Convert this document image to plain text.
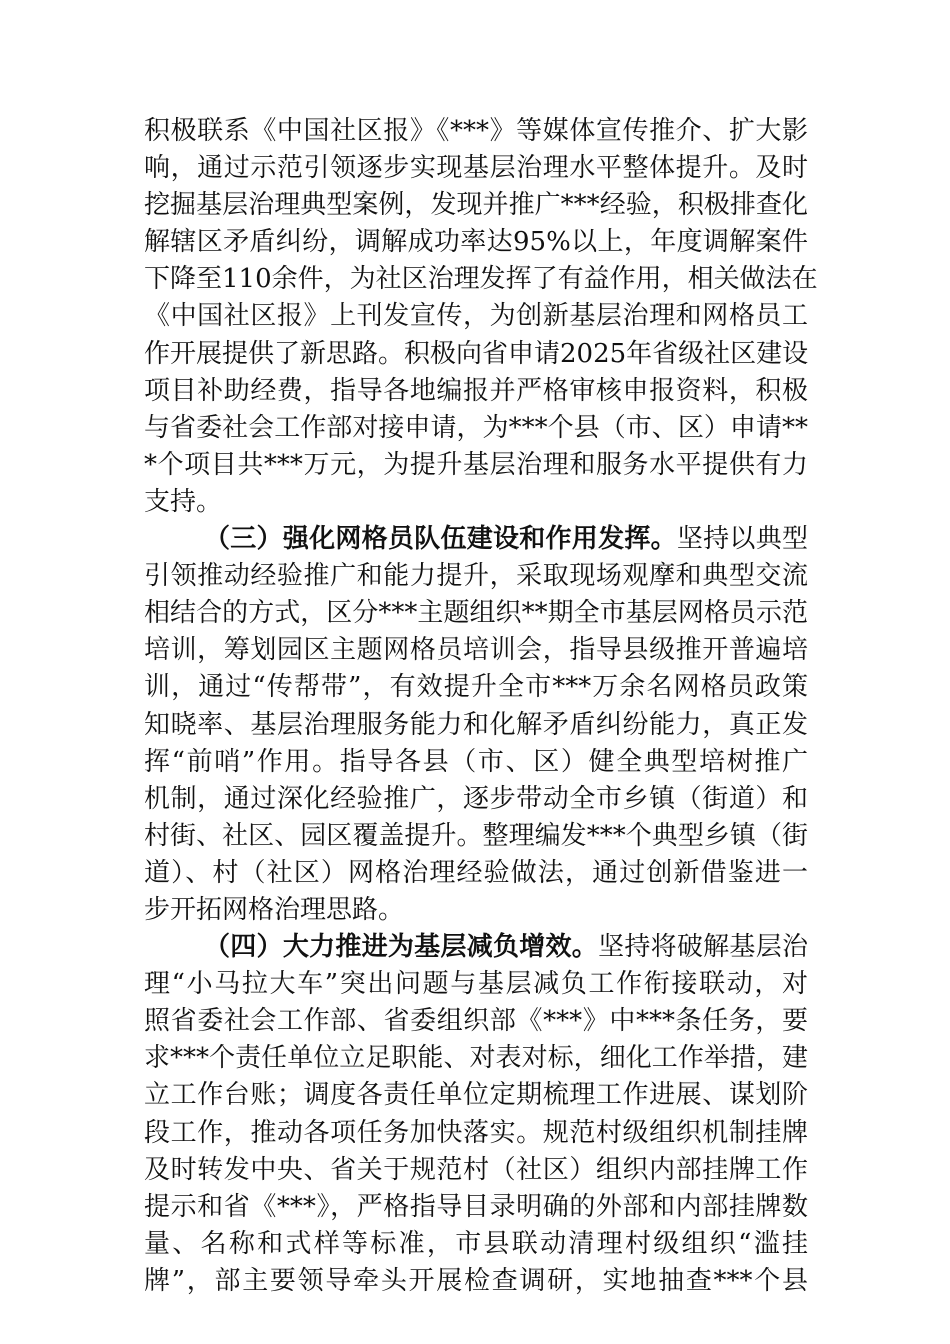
积极联系《中国社区报》《***》等媒体宣传推介、扩大影
响，通过示范引领逐步实现基层治理水平整体提升。及时
挖掘基层治理典型案例，发现并推广***经验，积极排查化
解辖区矛盾纠纷，调解成功率达95%以上，年度调解案件
下降至110余件，为社区治理发挥了有益作用，相关做法在
《中国社区报》上刊发宣传，为创新基层治理和网格员工
作开展提供了新思路。积极向省申请2025年省级社区建设
项目补助经费，指导各地编报并严格审核申报资料，积极
与省委社会工作部对接申请，为***个县（市、区）申请**
*个项目共***万元，为提升基层治理和服务水平提供有力
支持。
（三）强化网格员队伍建设和作用发挥。坚持以典型
引领推动经验推广和能力提升，采取现场观摩和典型交流
相结合的方式，区分***主题组织**期全市基层网格员示范
培训，筹划园区主题网格员培训会，指导县级推开普遍培
训，通过“传帮带”，有效提升全市***万余名网格员政策
知晓率、基层治理服务能力和化解矛盾纠纷能力，真正发
挥“前哨”作用。指导各县（市、区）健全典型培树推广
机制，通过深化经验推广，逐步带动全市乡镇（街道）和
村街、社区、园区覆盖提升。整理编发***个典型乡镇（街
道）、村（社区）网格治理经验做法，通过创新借鉴进一
步开拓网格治理思路。
（四）大力推进为基层减负增效。坚持将破解基层治
理“小马拉大车”突出问题与基层减负工作衔接联动，对
照省委社会工作部、省委组织部《***》中***条任务，要
求***个责任单位立足职能、对表对标，细化工作举措，建
立工作台账；调度各责任单位定期梳理工作进展、谋划阶
段工作，推动各项任务加快落实。规范村级组织机制挂牌
及时转发中央、省关于规范村（社区）组织内部挂牌工作
提示和省《***》，严格指导目录明确的外部和内部挂牌数
量、名称和式样等标准，市县联动清理村级组织“滥挂
牌”，部主要领导牵头开展检查调研，实地抽查***个县
